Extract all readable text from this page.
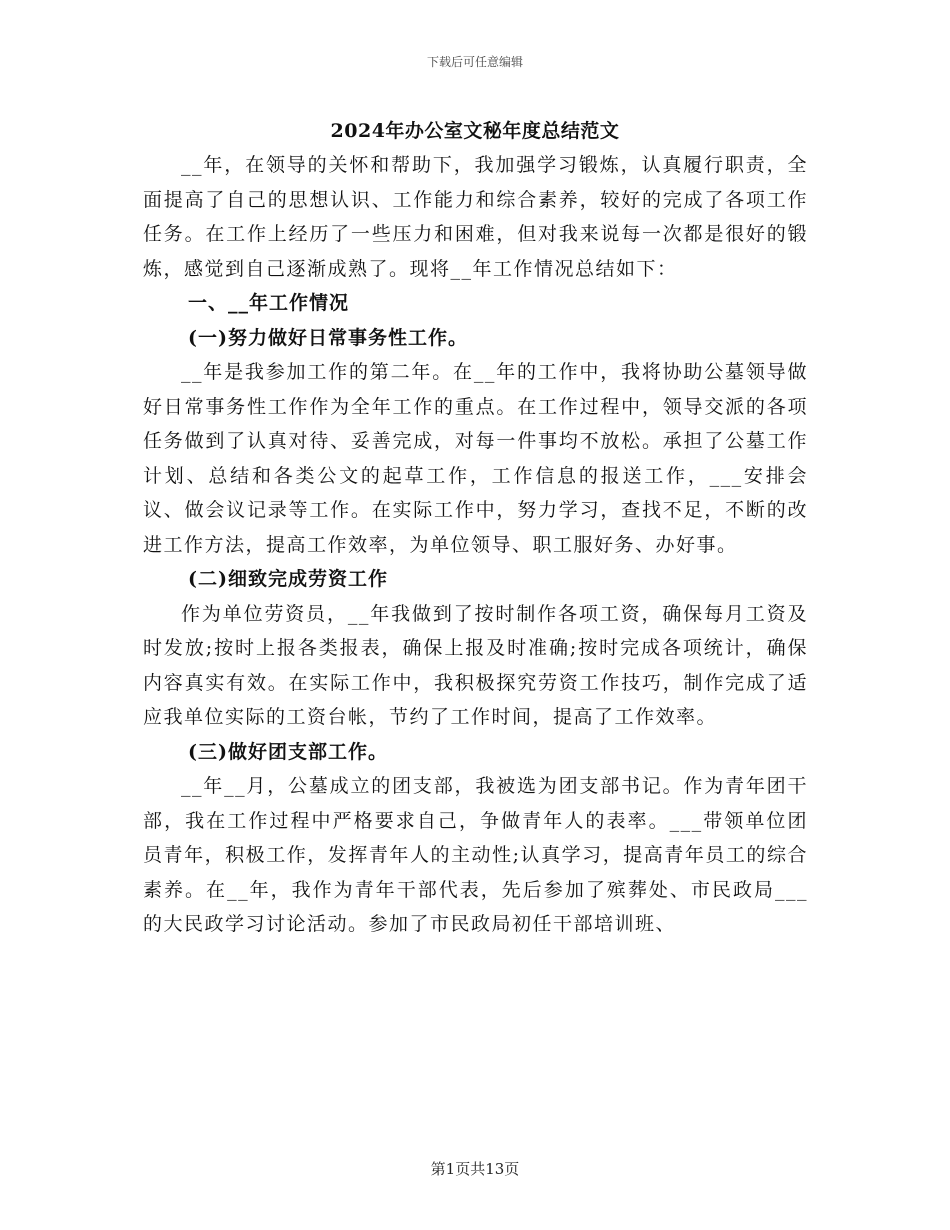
下载后可任意编辑
2024年办公室文秘年度总结范文

__年，在领导的关怀和帮助下，我加强学习锻炼，认真履行职责，全面提高了自己的思想认识、工作能力和综合素养，较好的完成了各项工作任务。在工作上经历了一些压力和困难，但对我来说每一次都是很好的锻炼，感觉到自己逐渐成熟了。现将__年工作情况总结如下：

一、__年工作情况

(一)努力做好日常事务性工作。

__年是我参加工作的第二年。在__年的工作中，我将协助公墓领导做好日常事务性工作作为全年工作的重点。在工作过程中，领导交派的各项任务做到了认真对待、妥善完成，对每一件事均不放松。承担了公墓工作计划、总结和各类公文的起草工作，工作信息的报送工作，___安排会议、做会议记录等工作。在实际工作中，努力学习，查找不足，不断的改进工作方法，提高工作效率，为单位领导、职工服好务、办好事。

(二)细致完成劳资工作

作为单位劳资员，__年我做到了按时制作各项工资，确保每月工资及时发放;按时上报各类报表，确保上报及时准确;按时完成各项统计，确保内容真实有效。在实际工作中，我积极探究劳资工作技巧，制作完成了适应我单位实际的工资台帐，节约了工作时间，提高了工作效率。

(三)做好团支部工作。

__年__月，公墓成立的团支部，我被选为团支部书记。作为青年团干部，我在工作过程中严格要求自己，争做青年人的表率。___带领单位团员青年，积极工作，发挥青年人的主动性;认真学习，提高青年员工的综合素养。在__年，我作为青年干部代表，先后参加了殡葬处、市民政局___的大民政学习讨论活动。参加了市民政局初任干部培训班、

第1页共13页
